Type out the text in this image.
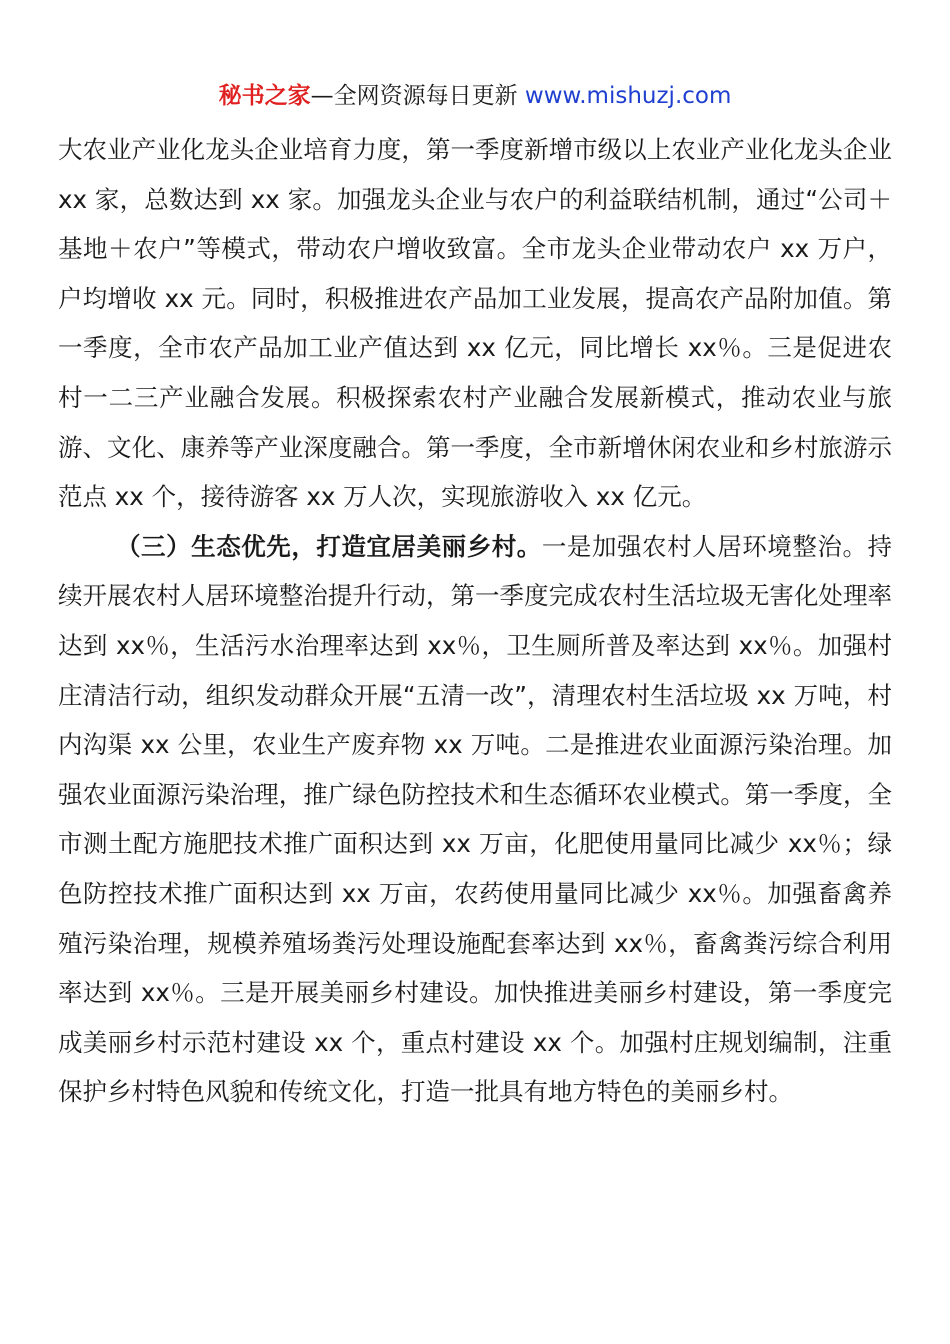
秘书之家—全网资源每日更新 www.mishuzj.com

大农业产业化龙头企业培育力度，第一季度新增市级以上农业产业化龙头企业 xx 家，总数达到 xx 家。加强龙头企业与农户的利益联结机制，通过“公司＋基地＋农户”等模式，带动农户增收致富。全市龙头企业带动农户 xx 万户，户均增收 xx 元。同时，积极推进农产品加工业发展，提高农产品附加值。第一季度，全市农产品加工业产值达到 xx 亿元，同比增长 xx％。三是促进农村一二三产业融合发展。积极探索农村产业融合发展新模式，推动农业与旅游、文化、康养等产业深度融合。第一季度，全市新增休闲农业和乡村旅游示范点 xx 个，接待游客 xx 万人次，实现旅游收入 xx 亿元。

（三）生态优先，打造宜居美丽乡村。一是加强农村人居环境整治。持续开展农村人居环境整治提升行动，第一季度完成农村生活垃圾无害化处理率达到 xx％，生活污水治理率达到 xx％，卫生厕所普及率达到 xx％。加强村庄清洁行动，组织发动群众开展“五清一改”，清理农村生活垃圾 xx 万吨，村内沟渠 xx 公里，农业生产废弃物 xx 万吨。二是推进农业面源污染治理。加强农业面源污染治理，推广绿色防控技术和生态循环农业模式。第一季度，全市测土配方施肥技术推广面积达到 xx 万亩，化肥使用量同比减少 xx％；绿色防控技术推广面积达到 xx 万亩，农药使用量同比减少 xx％。加强畜禽养殖污染治理，规模养殖场粪污处理设施配套率达到 xx％，畜禽粪污综合利用率达到 xx％。三是开展美丽乡村建设。加快推进美丽乡村建设，第一季度完成美丽乡村示范村建设 xx 个，重点村建设 xx 个。加强村庄规划编制，注重保护乡村特色风貌和传统文化，打造一批具有地方特色的美丽乡村。
